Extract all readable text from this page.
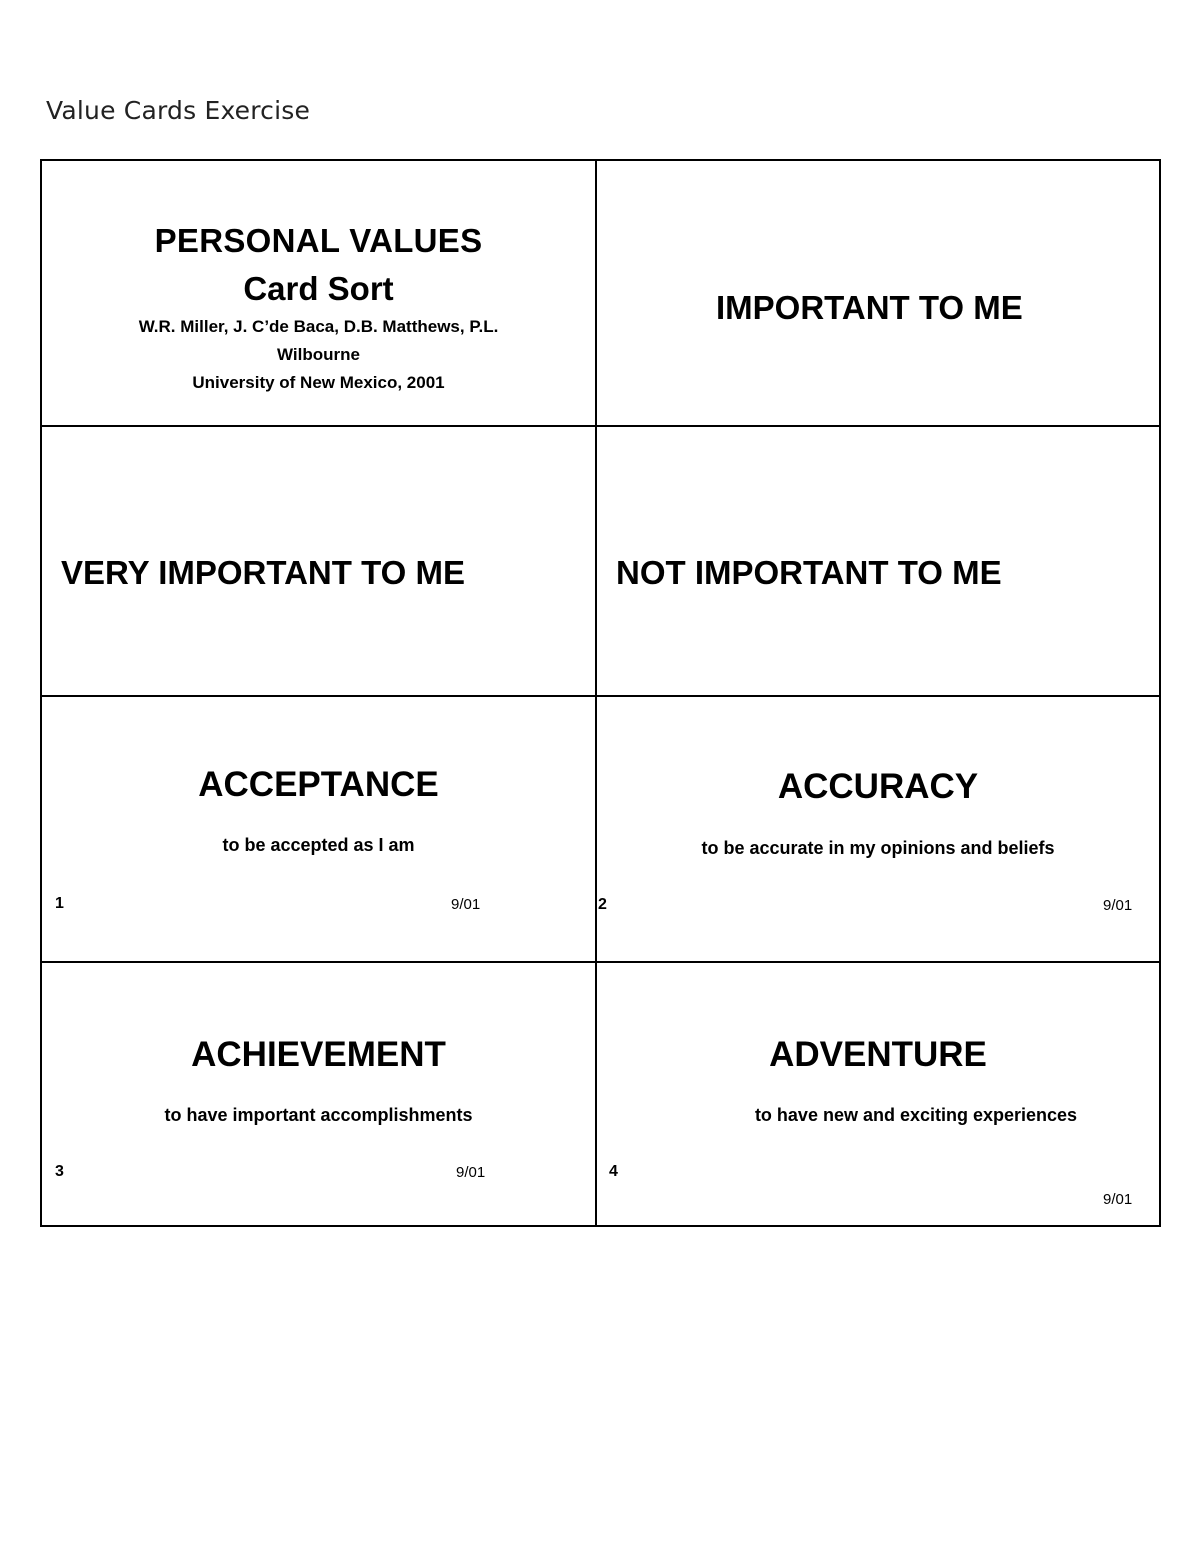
Value Cards Exercise
PERSONAL VALUES
Card Sort
W.R. Miller, J. C’de Baca, D.B. Matthews, P.L. Wilbourne
University of New Mexico, 2001
IMPORTANT TO ME
VERY IMPORTANT TO ME	NOT IMPORTANT TO ME
ACCEPTANCE
to be accepted as I am
1	9/01
ACCURACY
to be accurate in my opinions and beliefs
2	9/01
ACHIEVEMENT
to have important accomplishments
3	9/01
ADVENTURE
to have new and exciting experiences
4
9/01
